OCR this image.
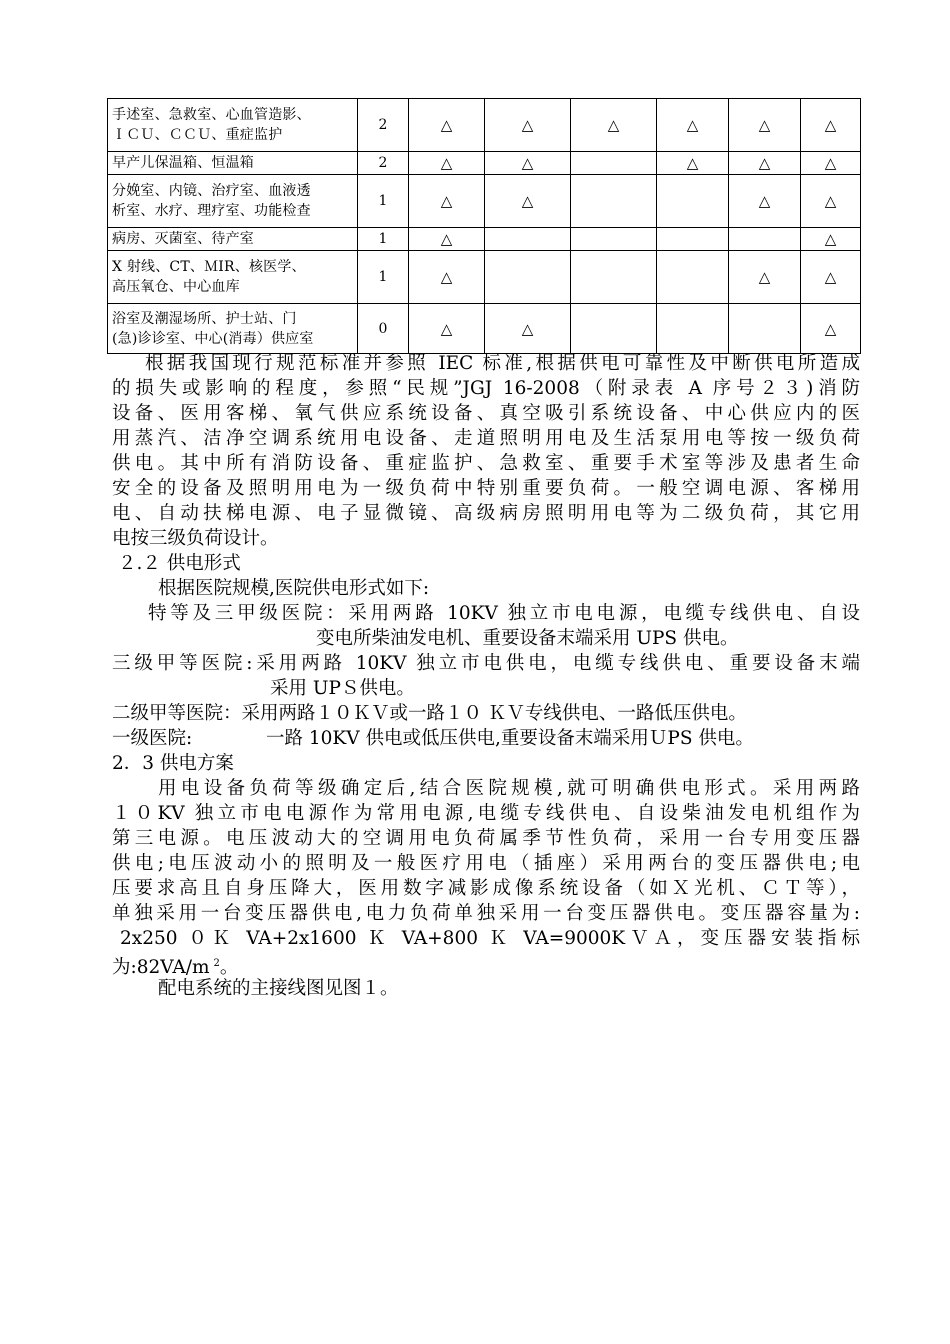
手述室、急救室、心血管造影、
ＩＣＵ、ＣＣＵ、重症监护	2	△	△	△	△	△	△

早产儿保温箱、恒温箱	2	△	△		△	△	△

分娩室、内镜、治疗室、血液透
析室、水疗、理疗室、功能检查	1	△	△			△	△

病房、灭菌室、待产室	1	△					△

X 射线、CT、ＭIR、核医学、
高压氧仓、中心血库	1	△				△	△

浴室及潮湿场所、护士站、门
(急)诊诊室、中心(消毒）供应室	0	△	△				△
根据我国现行规范标准并参照 IEC 标准,根据供电可靠性及中断供电所造成
的损失或影响的程度，参照“民规”JGJ 16-2008（附录表 A 序号２３)消防
设备、医用客梯、氧气供应系统设备、真空吸引系统设备、中心供应内的医
用蒸汽、洁净空调系统用电设备、走道照明用电及生活泵用电等按一级负荷
供电。其中所有消防设备、重症监护、急救室、重要手术室等涉及患者生命
安全的设备及照明用电为一级负荷中特别重要负荷。一般空调电源、客梯用
电、自动扶梯电源、电子显微镜、高级病房照明用电等为二级负荷，其它用
电按三级负荷设计。
２.２ 供电形式
根据医院规模,医院供电形式如下:
特等及三甲级医院：采用两路 10KV 独立市电电源，电缆专线供电、自设
变电所柴油发电机、重要设备末端采用 UPS 供电。
三级甲等医院:采用两路 10KV 独立市电供电，电缆专线供电、重要设备末端
采用 UPＳ供电。
二级甲等医院：采用两路１０ＫＶ或一路１０ ＫＶ专线供电、一路低压供电。
一级医院:	一路 10KV 供电或低压供电,重要设备末端采用ＵPS 供电。
2．3 供电方案
用电设备负荷等级确定后,结合医院规模,就可明确供电形式。采用两路
１０KV 独立市电电源作为常用电源,电缆专线供电、自设柴油发电机组作为
第三电源。电压波动大的空调用电负荷属季节性负荷，采用一台专用变压器
供电;电压波动小的照明及一般医疗用电（插座）采用两台的变压器供电;电
压要求高且自身压降大，医用数字减影成像系统设备（如Ｘ光机、ＣＴ等），
单独采用一台变压器供电,电力负荷单独采用一台变压器供电。变压器容量为:
2x250 ０Ｋ VA+2x1600 Ｋ VA+800 Ｋ VA=9000KＶＡ，变压器安装指标
为:82VA/m $^2$。
配电系统的主接线图见图１。
